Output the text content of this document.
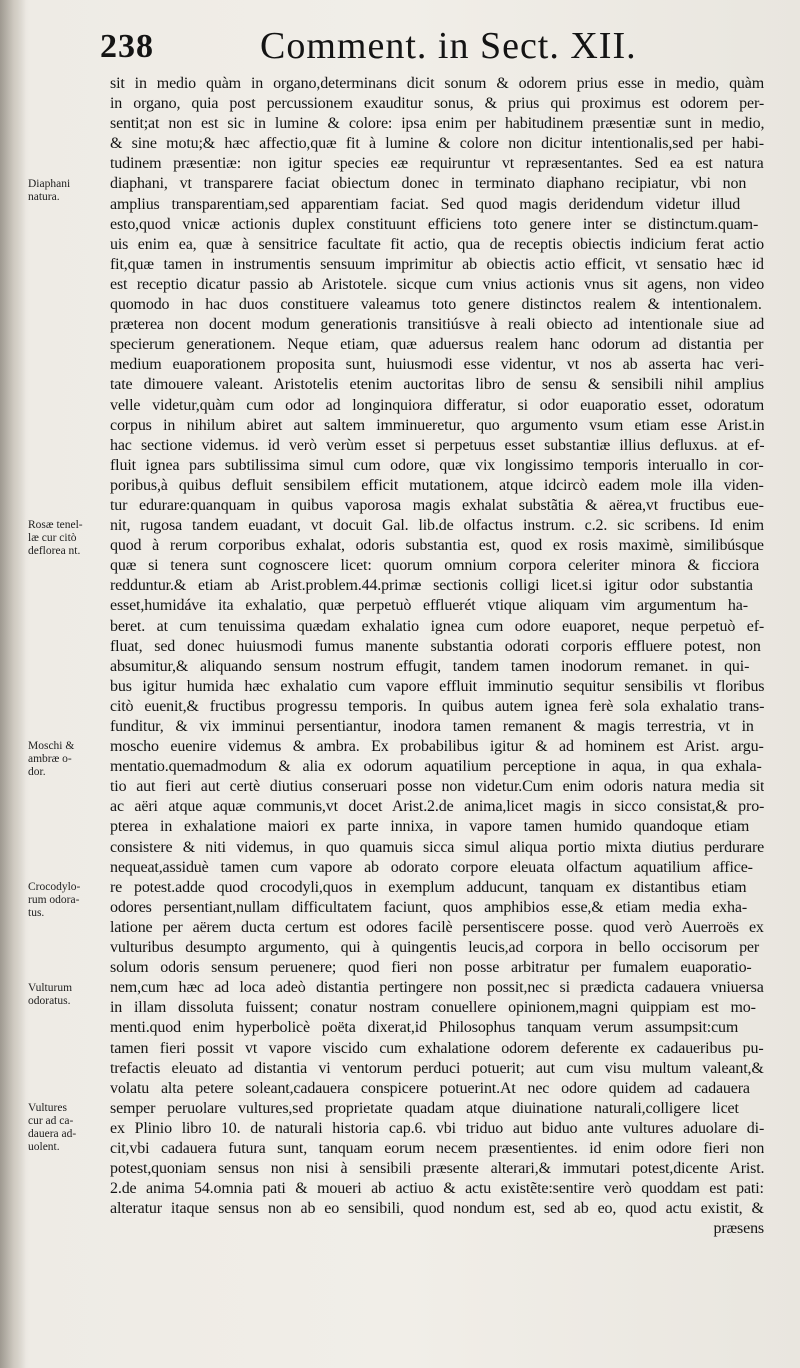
238	Comment. in Sect. XII.
sit in medio quàm in organo,determinans dicit sonum & odorem prius esse in medio, quàm
in organo, quia post percussionem exauditur sonus, & prius qui proximus est odorem per-
sentit;at non est sic in lumine & colore: ipsa enim per habitudinem præsentiæ sunt in medio,
& sine motu;& hæc affectio,quæ fit à lumine & colore non dicitur intentionalis,sed per habi-
tudinem præsentiæ: non igitur species eæ requiruntur vt repræsentantes. Sed ea est natura
diaphani, vt transparere faciat obiectum donec in terminato diaphano recipiatur, vbi non
amplius transparentiam,sed apparentiam faciat. Sed quod magis deridendum videtur illud
esto,quod vnicæ actionis duplex constituunt efficiens toto genere inter se distinctum.quam-
uis enim ea, quæ à sensitrice facultate fit actio, qua de receptis obiectis indicium ferat actio
fit,quæ tamen in instrumentis sensuum imprimitur ab obiectis actio efficit, vt sensatio hæc id
est receptio dicatur passio ab Aristotele. sicque cum vnius actionis vnus sit agens, non video
quomodo in hac duos constituere valeamus toto genere distinctos realem & intentionalem.
præterea non docent modum generationis transitiúsve à reali obiecto ad intentionale siue ad
specierum generationem. Neque etiam, quæ aduersus realem hanc odorum ad distantia per
medium euaporationem proposita sunt, huiusmodi esse videntur, vt nos ab asserta hac veri-
tate dimouere valeant. Aristotelis etenim auctoritas libro de sensu & sensibili nihil amplius
velle videtur,quàm cum odor ad longinquiora differatur, si odor euaporatio esset, odoratum
corpus in nihilum abiret aut saltem imminueretur, quo argumento vsum etiam esse Arist.in
hac sectione videmus. id verò verùm esset si perpetuus esset substantiæ illius defluxus. at ef-
fluit ignea pars subtilissima simul cum odore, quæ vix longissimo temporis interuallo in cor-
poribus,à quibus defluit sensibilem efficit mutationem, atque idcircò eadem mole illa viden-
tur edurare:quanquam in quibus vaporosa magis exhalat substãtia & aërea,vt fructibus eue-
nit, rugosa tandem euadant, vt docuit Gal. lib.de olfactus instrum. c.2. sic scribens. Id enim
quod à rerum corporibus exhalat, odoris substantia est, quod ex rosis maximè, similibúsque
quæ si tenera sunt cognoscere licet: quorum omnium corpora celeriter minora & ficciora
redduntur.& etiam ab Arist.problem.44.primæ sectionis colligi licet.si igitur odor substantia
esset,humidáve ita exhalatio, quæ perpetuò effluerét vtique aliquam vim argumentum ha-
beret. at cum tenuissima quædam exhalatio ignea cum odore euaporet, neque perpetuò ef-
fluat, sed donec huiusmodi fumus manente substantia odorati corporis effluere potest, non
absumitur,& aliquando sensum nostrum effugit, tandem tamen inodorum remanet. in qui-
bus igitur humida hæc exhalatio cum vapore effluit imminutio sequitur sensibilis vt floribus
citò euenit,& fructibus progressu temporis. In quibus autem ignea ferè sola exhalatio trans-
funditur, & vix imminui persentiantur, inodora tamen remanent & magis terrestria, vt in
moscho euenire videmus & ambra. Ex probabilibus igitur & ad hominem est Arist. argu-
mentatio.quemadmodum & alia ex odorum aquatilium perceptione in aqua, in qua exhala-
tio aut fieri aut certè diutius conseruari posse non videtur.Cum enim odoris natura media sit
ac aëri atque aquæ communis,vt docet Arist.2.de anima,licet magis in sicco consistat,& pro-
pterea in exhalatione maiori ex parte innixa, in vapore tamen humido quandoque etiam
consistere & niti videmus, in quo quamuis sicca simul aliqua portio mixta diutius perdurare
nequeat,assiduè tamen cum vapore ab odorato corpore eleuata olfactum aquatilium affice-
re potest.adde quod crocodyli,quos in exemplum adducunt, tanquam ex distantibus etiam
odores persentiant,nullam difficultatem faciunt, quos amphibios esse,& etiam media exha-
latione per aërem ducta certum est odores facilè persentiscere posse. quod verò Auerroës ex
vulturibus desumpto argumento, qui à quingentis leucis,ad corpora in bello occisorum per
solum odoris sensum peruenere; quod fieri non posse arbitratur per fumalem euaporatio-
nem,cum hæc ad loca adeò distantia pertingere non possit,nec si prædicta cadauera vniuersa
in illam dissoluta fuissent; conatur nostram conuellere opinionem,magni quippiam est mo-
menti.quod enim hyperbolicè poëta dixerat,id Philosophus tanquam verum assumpsit:cum
tamen fieri possit vt vapore viscido cum exhalatione odorem deferente ex cadaueribus pu-
trefactis eleuato ad distantia vi ventorum perduci potuerit; aut cum visu multum valeant,&
volatu alta petere soleant,cadauera conspicere potuerint.At nec odore quidem ad cadauera
semper peruolare vultures,sed proprietate quadam atque diuinatione naturali,colligere licet
ex Plinio libro 10. de naturali historia cap.6. vbi triduo aut biduo ante vultures aduolare di-
cit,vbi cadauera futura sunt, tanquam eorum necem præsentientes. id enim odore fieri non
potest,quoniam sensus non nisi à sensibili præsente alterari,& immutari potest,dicente Arist.
2.de anima 54.omnia pati & moueri ab actiuo & actu existẽte:sentire verò quoddam est pati:
alteratur itaque sensus non ab eo sensibili, quod nondum est, sed ab eo, quod actu existit, &
præsens
Diaphani
natura.
Rosæ tenel-
læ cur citò
deflorea nt.
Moschi &
ambræ o-
dor.
Crocodylo-
rum odora-
tus.
Vulturum
odoratus.
Vultures
cur ad ca-
dauera ad-
uolent.
